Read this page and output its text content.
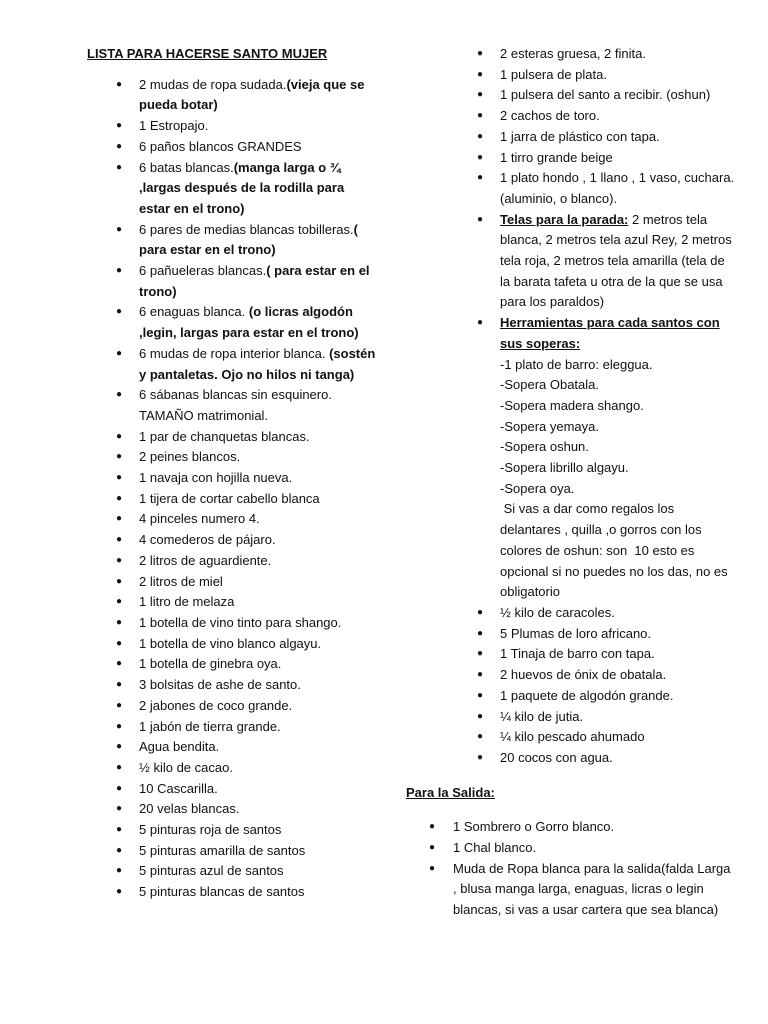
LISTA PARA HACERSE SANTO MUJER
● 2 mudas de ropa sudada.(vieja que se pueda botar)
● 1 Estropajo.
● 6 paños blancos GRANDES
● 6 batas blancas.(manga larga o ¾ ,largas después de la rodilla para estar en el trono)
● 6 pares de medias blancas tobilleras.( para estar en el trono)
● 6 pañueleras blancas.( para estar en el trono)
● 6 enaguas blanca. (o licras algodón ,legin, largas para estar en el trono)
● 6 mudas de ropa interior blanca. (sostén y pantaletas. Ojo no hilos ni tanga)
● 6 sábanas blancas sin esquinero. TAMAÑO matrimonial.
● 1 par de chanquetas blancas.
● 2 peines blancos.
● 1 navaja con hojilla nueva.
● 1 tijera de cortar cabello blanca
● 4 pinceles numero 4.
● 4 comederos de pájaro.
● 2 litros de aguardiente.
● 2 litros de miel
● 1 litro de melaza
● 1 botella de vino tinto para shango.
● 1 botella de vino blanco algayu.
● 1 botella de ginebra oya.
● 3 bolsitas de ashe de santo.
● 2 jabones de coco grande.
● 1 jabón de tierra grande.
● Agua bendita.
● ½ kilo de cacao.
● 10 Cascarilla.
● 20 velas blancas.
● 5 pinturas roja de santos
● 5 pinturas amarilla de santos
● 5 pinturas azul de santos
● 5 pinturas blancas de santos
● 2 esteras gruesa, 2 finita.
● 1 pulsera de plata.
● 1 pulsera del santo a recibir. (oshun)
● 2 cachos de toro.
● 1 jarra de plástico con tapa.
● 1 tirro grande beige
● 1 plato hondo , 1 llano , 1 vaso, cuchara.(aluminio, o blanco).
● Telas para la parada: 2 metros tela blanca, 2 metros tela azul Rey, 2 metros tela roja, 2 metros tela amarilla (tela de la barata tafeta u otra de la que se usa para los paraldos)
● Herramientas para cada santos con sus soperas:
-1 plato de barro: eleggua.
-Sopera Obatala.
-Sopera madera shango.
-Sopera yemaya.
-Sopera oshun.
-Sopera librillo algayu.
-Sopera oya.
Si vas a dar como regalos los delantares , quilla ,o gorros con los colores de oshun: son  10 esto es opcional si no puedes no los das, no es obligatorio
● ½ kilo de caracoles.
● 5 Plumas de loro africano.
● 1 Tinaja de barro con tapa.
● 2 huevos de ónix de obatala.
● 1 paquete de algodón grande.
● ¼ kilo de jutia.
● ¼ kilo pescado ahumado
● 20 cocos con agua.
Para la Salida:
● 1 Sombrero o Gorro blanco.
● 1 Chal blanco.
● Muda de Ropa blanca para la salida(falda Larga , blusa manga larga, enaguas, licras o legin blancas, si vas a usar cartera que sea blanca)
